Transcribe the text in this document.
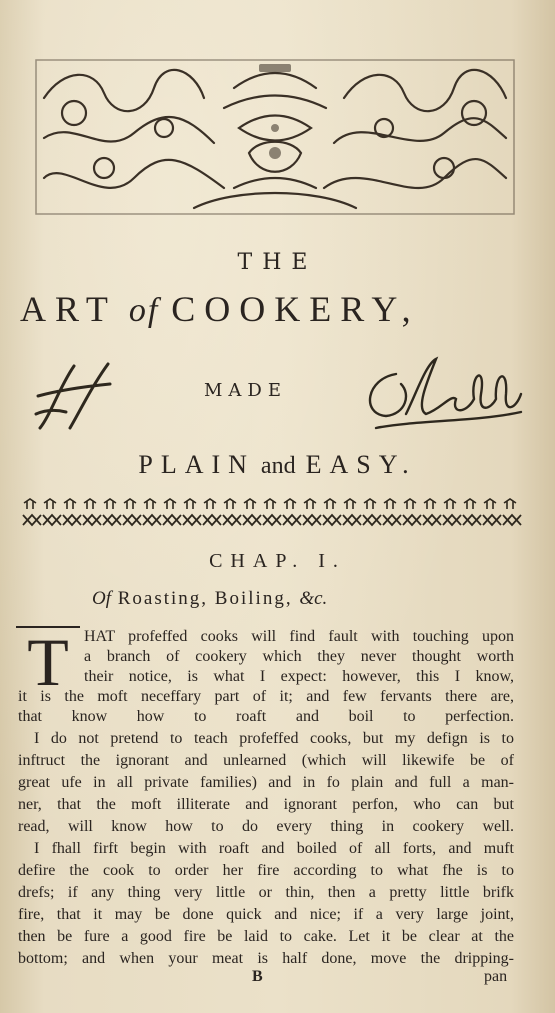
THE
ART of COOKERY,
MADE
PLAIN and EASY.
CHAP. I.
Of Roasting, Boiling, &c.
T HAT profeffed cooks will find fault with touching upon
a branch of cookery which they never thought worth
their notice, is what I expect: however, this I know,
it is the moft neceffary part of it; and few fervants there are,
that know how to roaft and boil to perfection.
I do not pretend to teach profeffed cooks, but my defign is to
inftruct the ignorant and unlearned (which will likewife be of
great ufe in all private families) and in fo plain and full a man-
ner, that the moft illiterate and ignorant perfon, who can but
read, will know how to do every thing in cookery well.
I fhall firft begin with roaft and boiled of all forts, and muft
defire the cook to order her fire according to what fhe is to
drefs; if any thing very little or thin, then a pretty little brifk
fire, that it may be done quick and nice; if a very large joint,
then be fure a good fire be laid to cake. Let it be clear at the
bottom; and when your meat is half done, move the dripping-
B	pan
